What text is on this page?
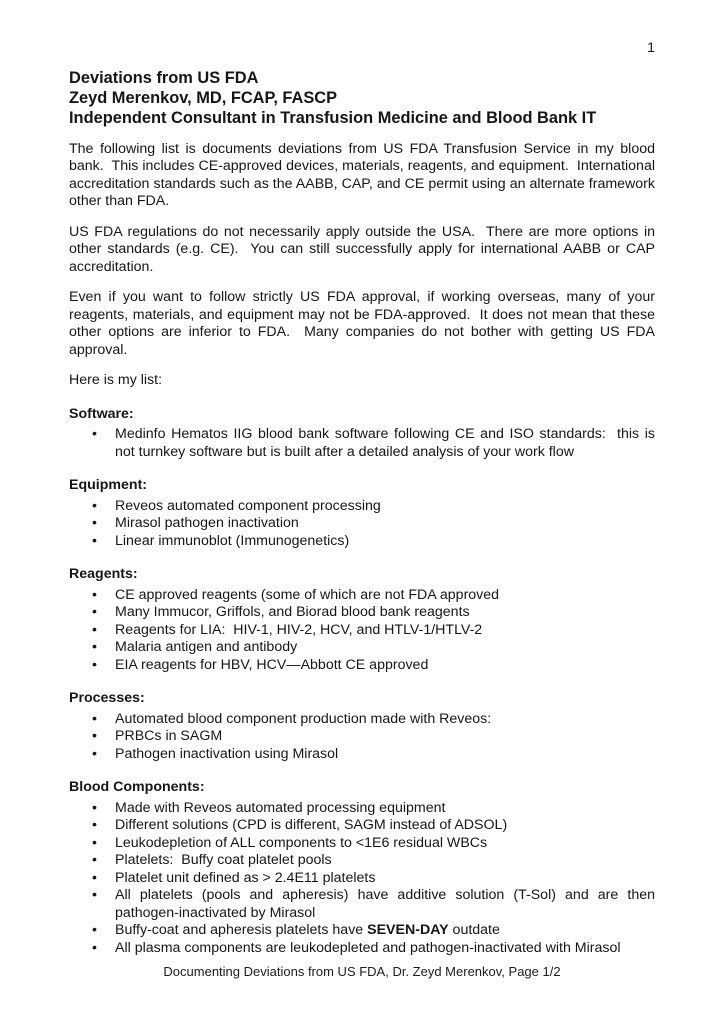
1
Deviations from US FDA
Zeyd Merenkov, MD, FCAP, FASCP
Independent Consultant in Transfusion Medicine and Blood Bank IT

The following list is documents deviations from US FDA Transfusion Service in my blood bank.  This includes CE-approved devices, materials, reagents, and equipment.  International accreditation standards such as the AABB, CAP, and CE permit using an alternate framework other than FDA.

US FDA regulations do not necessarily apply outside the USA.  There are more options in other standards (e.g. CE).  You can still successfully apply for international AABB or CAP accreditation.

Even if you want to follow strictly US FDA approval, if working overseas, many of your reagents, materials, and equipment may not be FDA-approved.  It does not mean that these other options are inferior to FDA.  Many companies do not bother with getting US FDA approval.

Here is my list:

Software:
• Medinfo Hematos IIG blood bank software following CE and ISO standards:  this is not turnkey software but is built after a detailed analysis of your work flow
Equipment:
• Reveos automated component processing
• Mirasol pathogen inactivation
• Linear immunoblot (Immunogenetics)
Reagents:
• CE approved reagents (some of which are not FDA approved
• Many Immucor, Griffols, and Biorad blood bank reagents
• Reagents for LIA:  HIV-1, HIV-2, HCV, and HTLV-1/HTLV-2
• Malaria antigen and antibody
• EIA reagents for HBV, HCV—Abbott CE approved
Processes:
• Automated blood component production made with Reveos:
• PRBCs in SAGM
• Pathogen inactivation using Mirasol
Blood Components:
• Made with Reveos automated processing equipment
• Different solutions (CPD is different, SAGM instead of ADSOL)
• Leukodepletion of ALL components to <1E6 residual WBCs
• Platelets:  Buffy coat platelet pools
• Platelet unit defined as > 2.4E11 platelets
• All platelets (pools and apheresis) have additive solution (T-Sol) and are then pathogen-inactivated by Mirasol
• Buffy-coat and apheresis platelets have SEVEN-DAY outdate
• All plasma components are leukodepleted and pathogen-inactivated with Mirasol
Documenting Deviations from US FDA, Dr. Zeyd Merenkov, Page 1/2
